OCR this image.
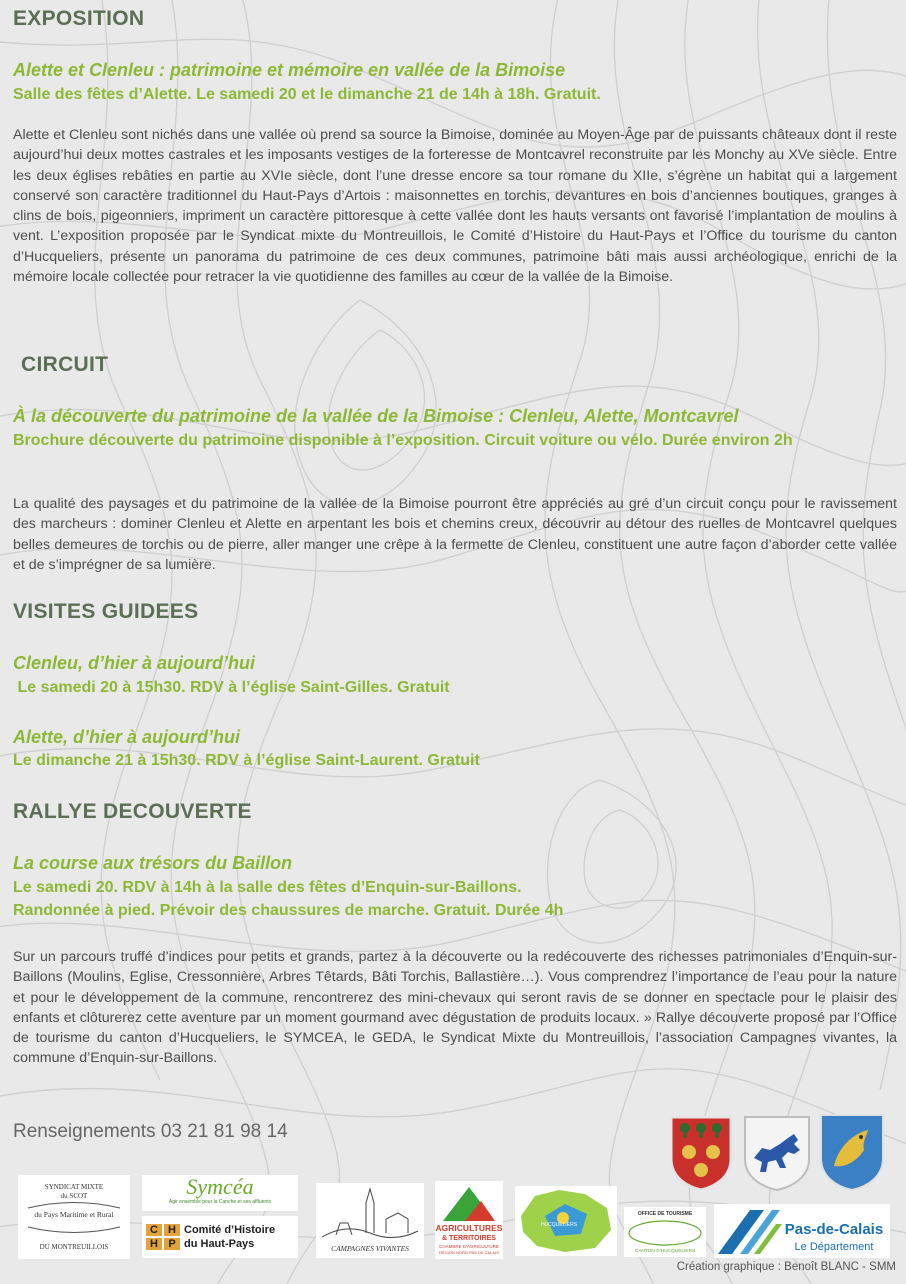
EXPOSITION

Alette et Clenleu : patrimoine et mémoire en vallée de la Bimoise

Salle des fêtes d’Alette. Le samedi 20 et le dimanche 21 de 14h à 18h. Gratuit.

Alette et Clenleu sont nichés dans une vallée où prend sa source la Bimoise, dominée au Moyen-Âge par de puissants châteaux dont il reste aujourd’hui deux mottes castrales et les imposants vestiges de la forteresse de Montcavrel reconstruite par les Monchy au XVe siècle. Entre les deux églises rebâties en partie au XVIe siècle, dont l’une dresse encore sa tour romane du XIIe, s’égrène un habitat qui a largement conservé son caractère traditionnel du Haut-Pays d’Artois : maisonnettes en torchis, devantures en bois d’anciennes boutiques, granges à clins de bois, pigeonniers, impriment un caractère pittoresque à cette vallée dont les hauts versants ont favorisé l’implantation de moulins à vent. L’exposition proposée par le Syndicat mixte du Montreuillois, le Comité d’Histoire du Haut-Pays et l’Office du tourisme du canton d’Hucqueliers, présente un panorama du patrimoine de ces deux communes, patrimoine bâti mais aussi archéologique, enrichi de la mémoire locale collectée pour retracer la vie quotidienne des familles au cœur de la vallée de la Bimoise.

CIRCUIT

À la découverte du patrimoine de la vallée de la Bimoise : Clenleu, Alette, Montcavrel

Brochure découverte du patrimoine disponible à l’exposition. Circuit voiture ou vélo. Durée environ 2h

La qualité des paysages et du patrimoine de la vallée de la Bimoise pourront être appréciés au gré d’un circuit conçu pour le ravissement des marcheurs : dominer Clenleu et Alette en arpentant les bois et chemins creux, découvrir au détour des ruelles de Montcavrel quelques belles demeures de torchis ou de pierre, aller manger une crêpe à la fermette de Clenleu, constituent une autre façon d’aborder cette vallée et de s’imprégner de sa lumière.

VISITES GUIDEES

Clenleu, d’hier à aujourd’hui

Le samedi 20 à 15h30. RDV à l’église Saint-Gilles. Gratuit

Alette, d’hier à aujourd’hui

Le dimanche 21 à 15h30. RDV à l’église Saint-Laurent. Gratuit

RALLYE DECOUVERTE

La course aux trésors du Baillon

Le samedi 20. RDV à 14h à la salle des fêtes d’Enquin-sur-Baillons.

Randonnée à pied. Prévoir des chaussures de marche. Gratuit. Durée 4h

Sur un parcours truffé d’indices pour petits et grands, partez à la découverte ou la redécouverte des richesses patrimoniales d’Enquin-sur-Baillons (Moulins, Eglise, Cressonnière, Arbres Têtards, Bâti Torchis, Ballastière…). Vous comprendrez l’importance de l’eau pour la nature et pour le développement de la commune, rencontrerez des mini-chevaux qui seront ravis de se donner en spectacle pour le plaisir des enfants et clôturerez cette aventure par un moment gourmand avec dégustation de produits locaux. » Rallye découverte proposé par l’Office de tourisme du canton d’Hucqueliers, le SYMCEA, le GEDA, le Syndicat Mixte du Montreuillois, l’association Campagnes vivantes, la commune d’Enquin-sur-Baillons.

Renseignements 03 21 81 98 14

SYNDICAT MIXTE
du SCOT
du Pays Maritime et Rural
DU MONTREUILLOIS
Symcéa
Agir ensemble pour la Canche et ses affluents
C H
H P
Comité d’Histoire
du Haut-Pays	CAMPAGNES VIVANTES
AGRICULTURES
& TERRITOIRES
CHAMBRE D'AGRICULTURE
RÉGION NORD-PAS DE CALAIS
HUCQUELIERS
OFFICE DE TOURISME
CANTON D'HUCQUELIERS
Pas-de-Calais
Le Département

Création graphique : Benoît BLANC - SMM
